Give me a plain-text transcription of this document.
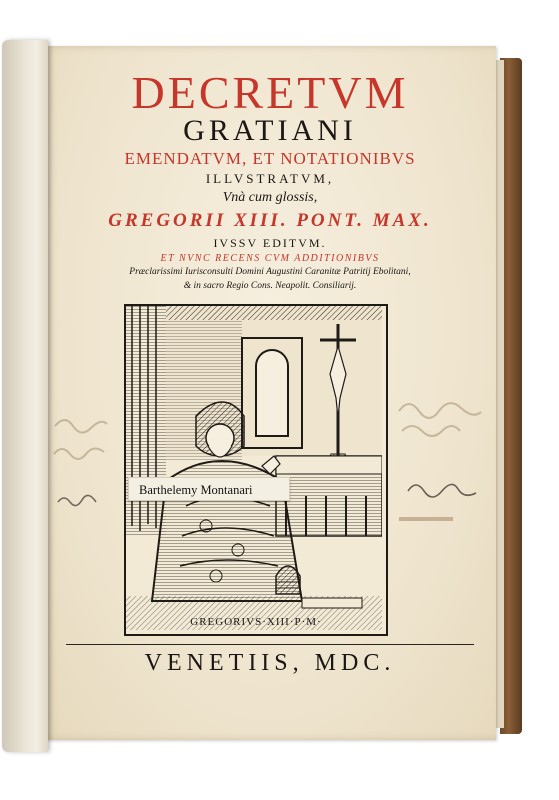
DECRETVM
GRATIANI
EMENDATVM, ET NOTATIONIBVS
ILLVSTRATVM,
Vnà cum glossis,
GREGORII XIII. PONT. MAX.
IVSSV EDITVM.
ET NVNC RECENS CVM ADDITIONIBVS
Præclarissimi Iurisconsulti Domini Augustini Caranitæ Patritij Ebolitani,
& in sacro Regio Cons. Neapolit. Consiliarij.
GREGORIVS·XIII·P·M·
Barthelemy Montanari
VENETIIS, MDC.
